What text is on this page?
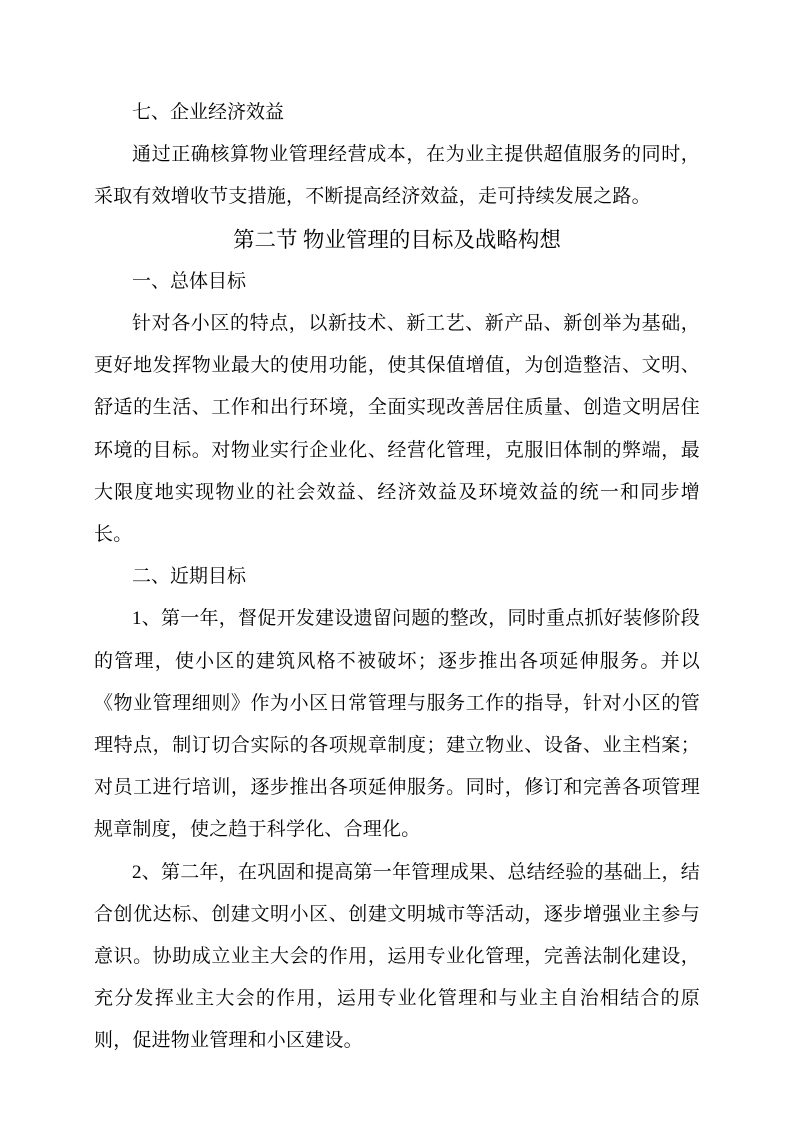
七、企业经济效益

通过正确核算物业管理经营成本，在为业主提供超值服务的同时，采取有效增收节支措施，不断提高经济效益，走可持续发展之路。

第二节 物业管理的目标及战略构想
一、总体目标

针对各小区的特点，以新技术、新工艺、新产品、新创举为基础，更好地发挥物业最大的使用功能，使其保值增值，为创造整洁、文明、舒适的生活、工作和出行环境，全面实现改善居住质量、创造文明居住环境的目标。对物业实行企业化、经营化管理，克服旧体制的弊端，最大限度地实现物业的社会效益、经济效益及环境效益的统一和同步增长。

二、近期目标

1、第一年，督促开发建设遗留问题的整改，同时重点抓好装修阶段的管理，使小区的建筑风格不被破坏；逐步推出各项延伸服务。并以《物业管理细则》作为小区日常管理与服务工作的指导，针对小区的管理特点，制订切合实际的各项规章制度；建立物业、设备、业主档案；对员工进行培训，逐步推出各项延伸服务。同时，修订和完善各项管理规章制度，使之趋于科学化、合理化。

2、第二年，在巩固和提高第一年管理成果、总结经验的基础上，结合创优达标、创建文明小区、创建文明城市等活动，逐步增强业主参与意识。协助成立业主大会的作用，运用专业化管理，完善法制化建设，充分发挥业主大会的作用，运用专业化管理和与业主自治相结合的原则，促进物业管理和小区建设。
